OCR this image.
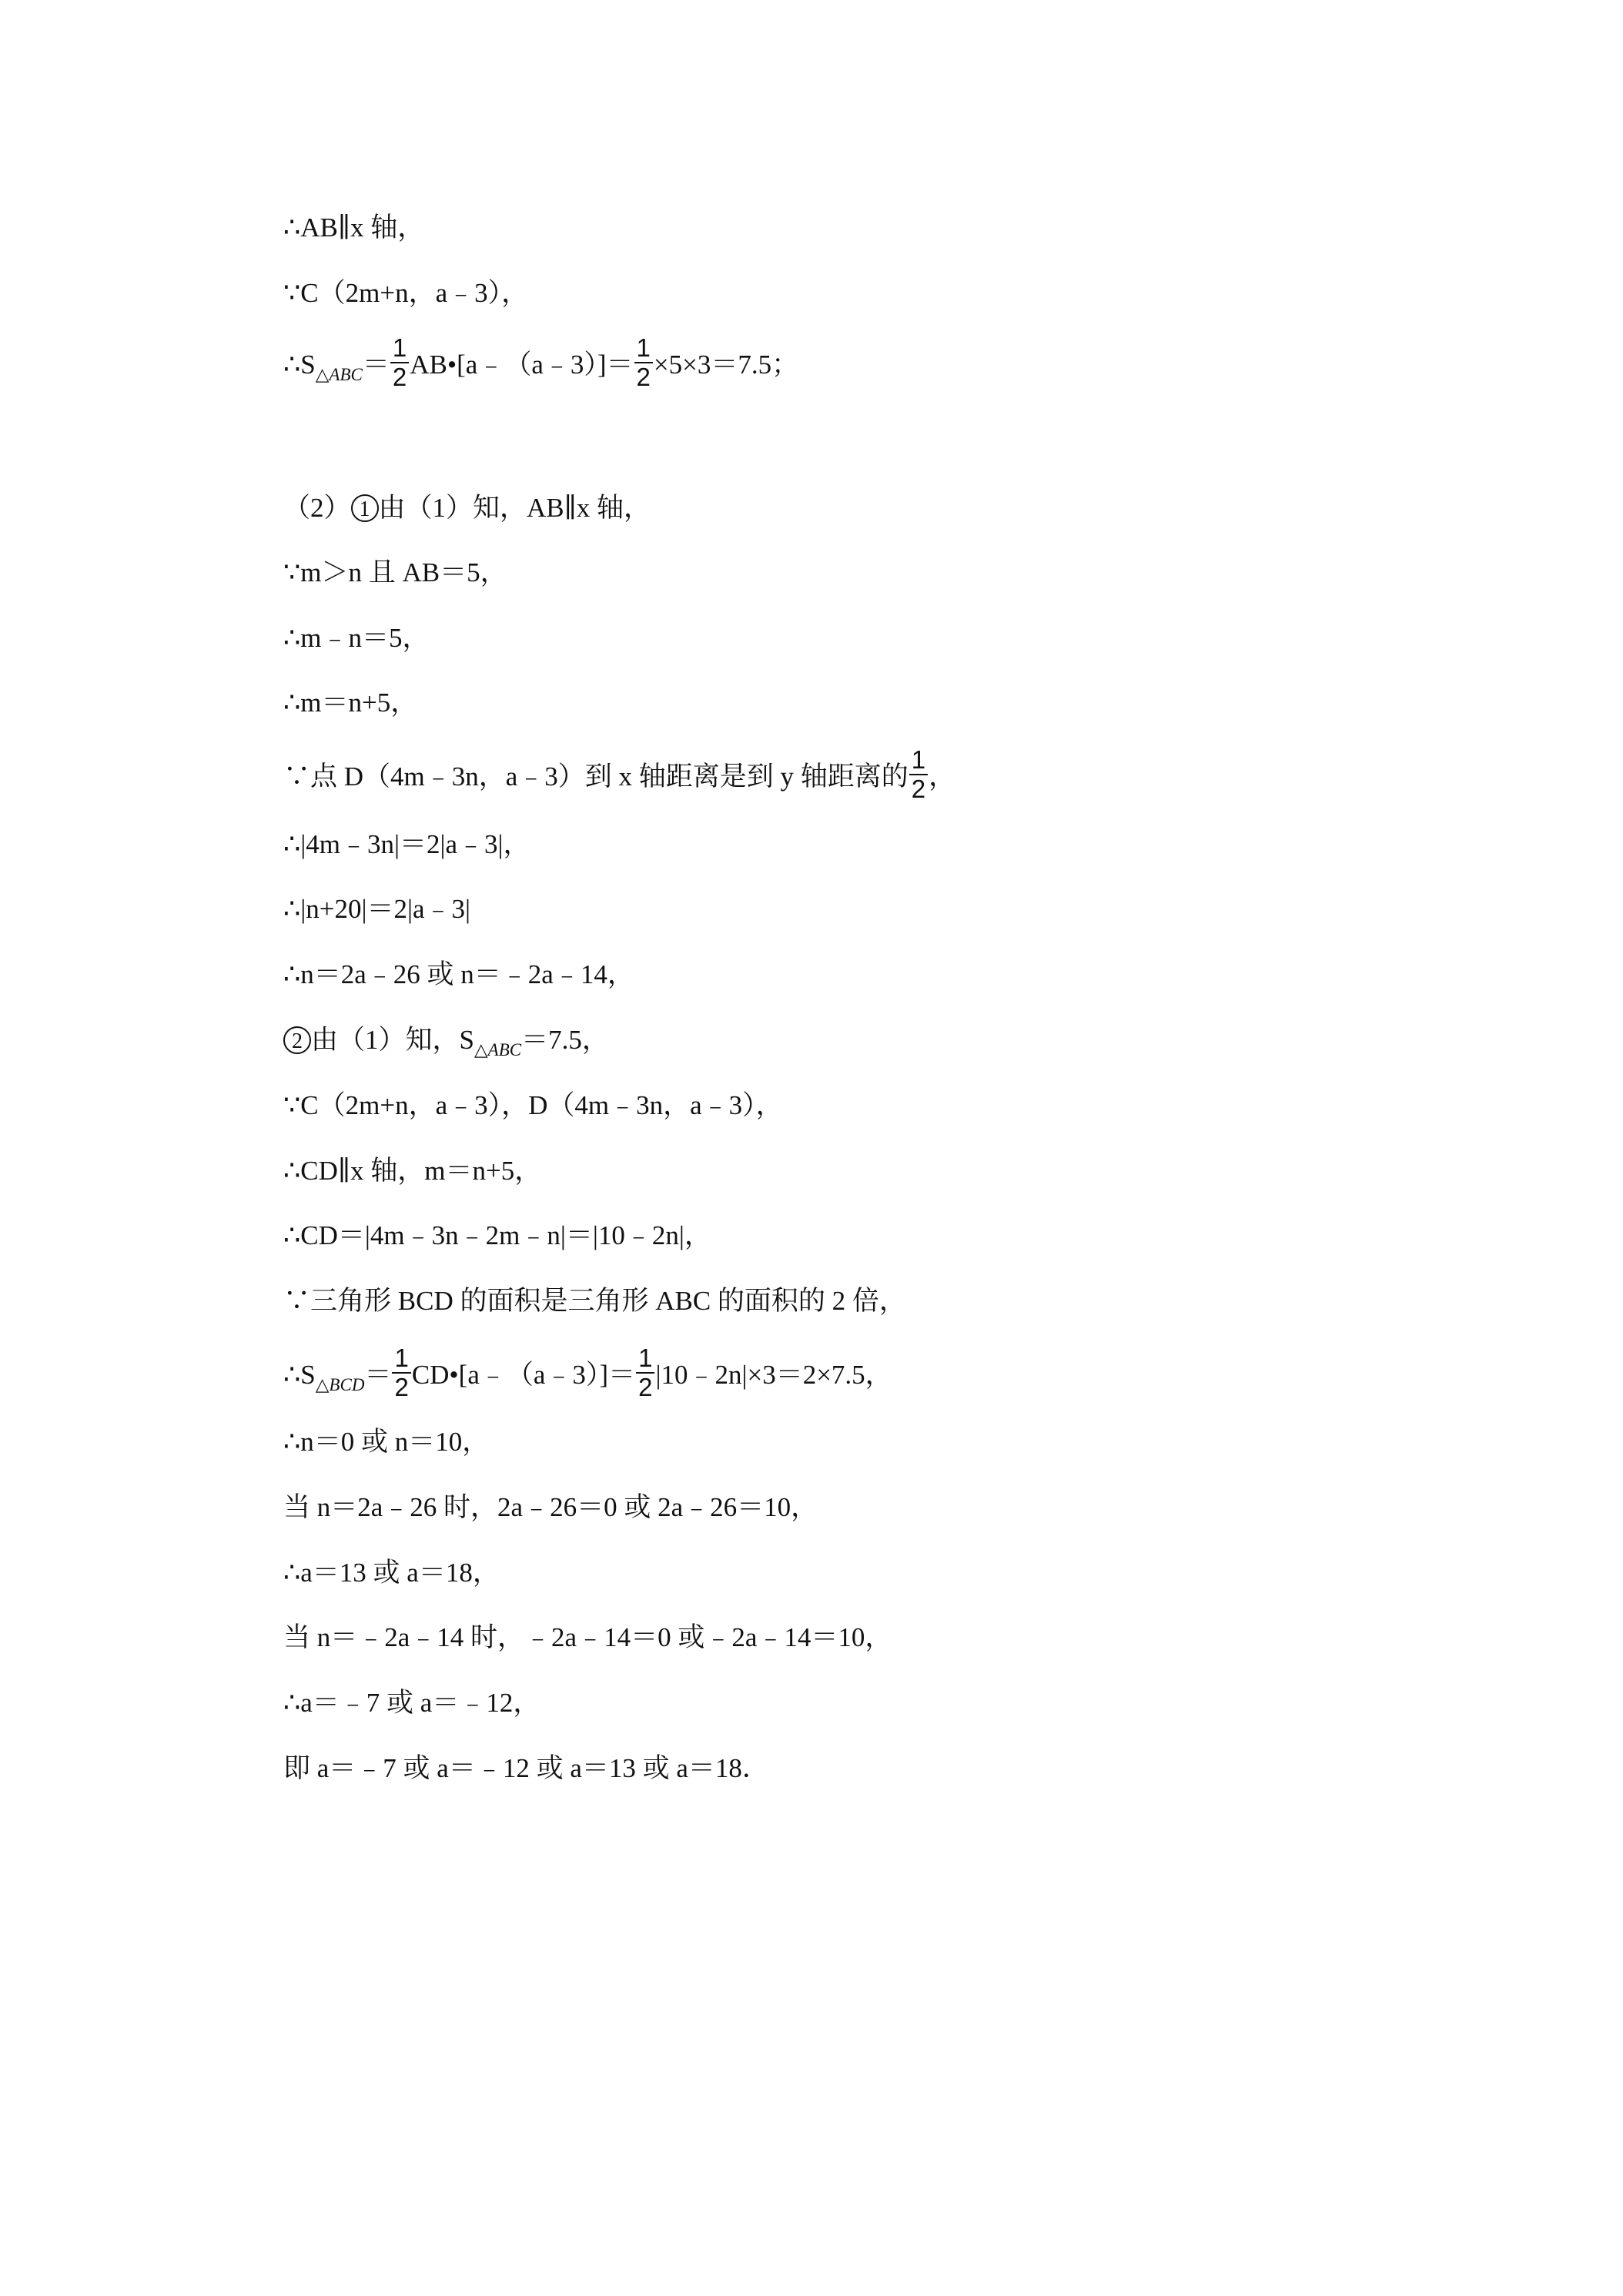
∴AB∥x 轴，
∵C（2m+n，a﹣3），
$\therefore S_{\triangle ABC}= \frac{1}{2}$ AB•[a﹣（a﹣3）]＝ $\frac{1}{2} \times 5\times 3=7.5$；
（2） 1 由（1）知，AB∥x 轴，
∵m＞n 且 AB＝5，
∴m﹣n＝5，
∴m＝n+5，
∵点 D（4m﹣3n，a﹣3）到 x 轴距离是到 y 轴距离的 $\frac{1}{2}$ ，
∴|4m﹣3n|＝2|a﹣3|，
∴|n+20|＝2|a﹣3|
∴n＝2a﹣26 或 n＝﹣2a﹣14，
2 由（1）知，$S_{\triangle ABC}=7.5$，
∵C（2m+n，a﹣3），D（4m﹣3n，a﹣3），
∴CD∥x 轴，m＝n+5，
∴CD＝|4m﹣3n﹣2m﹣n|＝|10﹣2n|，
∵三角形 BCD 的面积是三角形 ABC 的面积的 2 倍，
$\therefore S_{\triangle BCD}= \frac{1}{2}$ CD•[a﹣（a﹣3）]＝ $\frac{1}{2}$ |10﹣2n|×3＝2×7.5，
∴n＝0 或 n＝10，
当 n＝2a﹣26 时，2a﹣26＝0 或 2a﹣26＝10，
∴a＝13 或 a＝18，
当 n＝﹣2a﹣14 时，﹣2a﹣14＝0 或﹣2a﹣14＝10，
∴a＝﹣7 或 a＝﹣12，
即 a＝﹣7 或 a＝﹣12 或 a＝13 或 a＝18．
